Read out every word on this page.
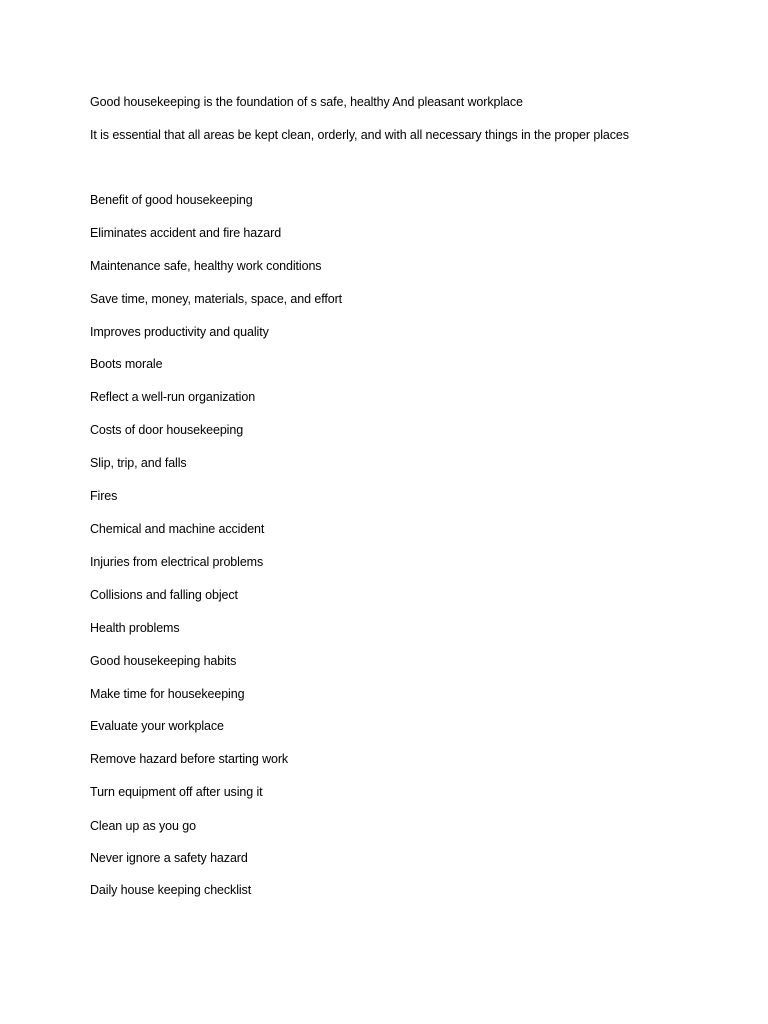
Good housekeeping is the foundation of s safe, healthy And pleasant workplace
It is essential that all areas be kept clean, orderly, and with all necessary things in the proper places
Benefit of good housekeeping
Eliminates accident and fire hazard
Maintenance safe, healthy work conditions
Save time, money, materials, space, and effort
Improves productivity and quality
Boots morale
Reflect a well-run organization
Costs of door housekeeping
Slip, trip, and falls
Fires
Chemical and machine accident
Injuries from electrical problems
Collisions and falling object
Health problems
Good housekeeping habits
Make time for housekeeping
Evaluate your workplace
Remove hazard before starting work
Turn equipment off after using it
Clean up as you go
Never ignore a safety hazard
Daily house keeping checklist
